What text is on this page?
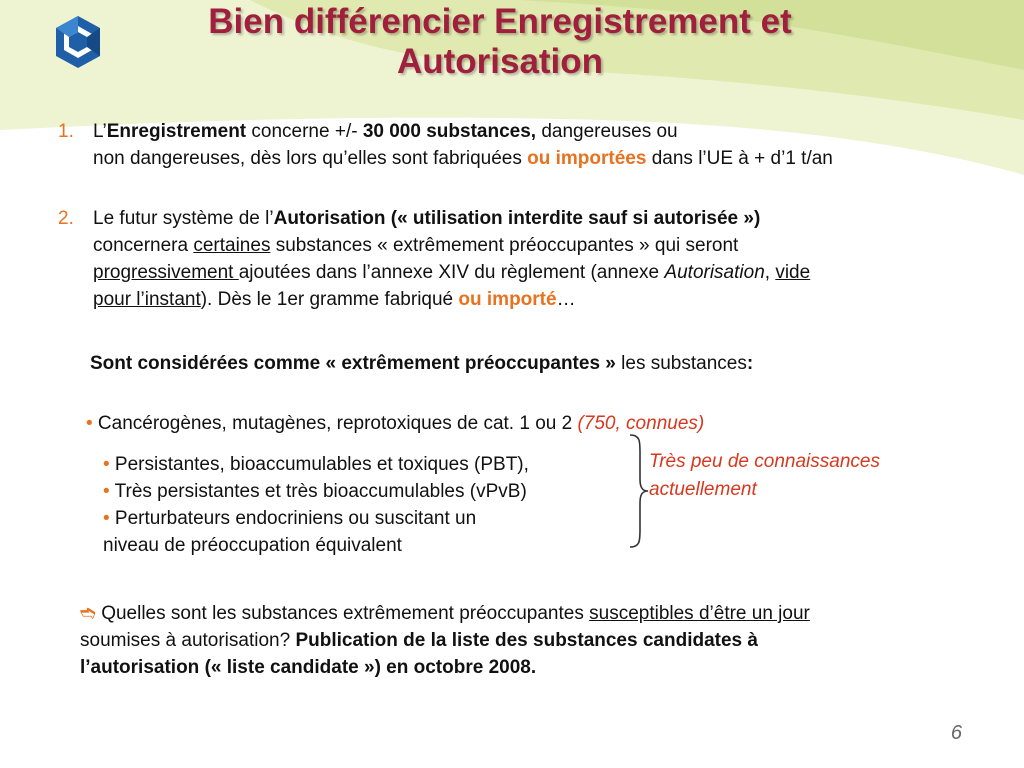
Bien différencier Enregistrement et
Autorisation
1. L’Enregistrement concerne +/- 30 000 substances, dangereuses ou
non dangereuses, dès lors qu’elles sont fabriquées ou importées dans l’UE à + d’1 t/an
2. Le futur système de l’Autorisation (« utilisation interdite sauf si autorisée »)
concernera certaines substances « extrêmement préoccupantes » qui seront
progressivement ajoutées dans l’annexe XIV du règlement (annexe Autorisation, vide
pour l’instant). Dès le 1er gramme fabriqué ou importé…
Sont considérées comme « extrêmement préoccupantes » les substances:
• Cancérogènes, mutagènes, reprotoxiques de cat. 1 ou 2 (750, connues)
• Persistantes, bioaccumulables et toxiques (PBT),
• Très persistantes et très bioaccumulables (vPvB)
• Perturbateurs endocriniens ou suscitant un
niveau de préoccupation équivalent
Très peu de connaissances
actuellement
➬ Quelles sont les substances extrêmement préoccupantes susceptibles d’être un jour
soumises à autorisation? Publication de la liste des substances candidates à
l’autorisation (« liste candidate ») en octobre 2008.
6
